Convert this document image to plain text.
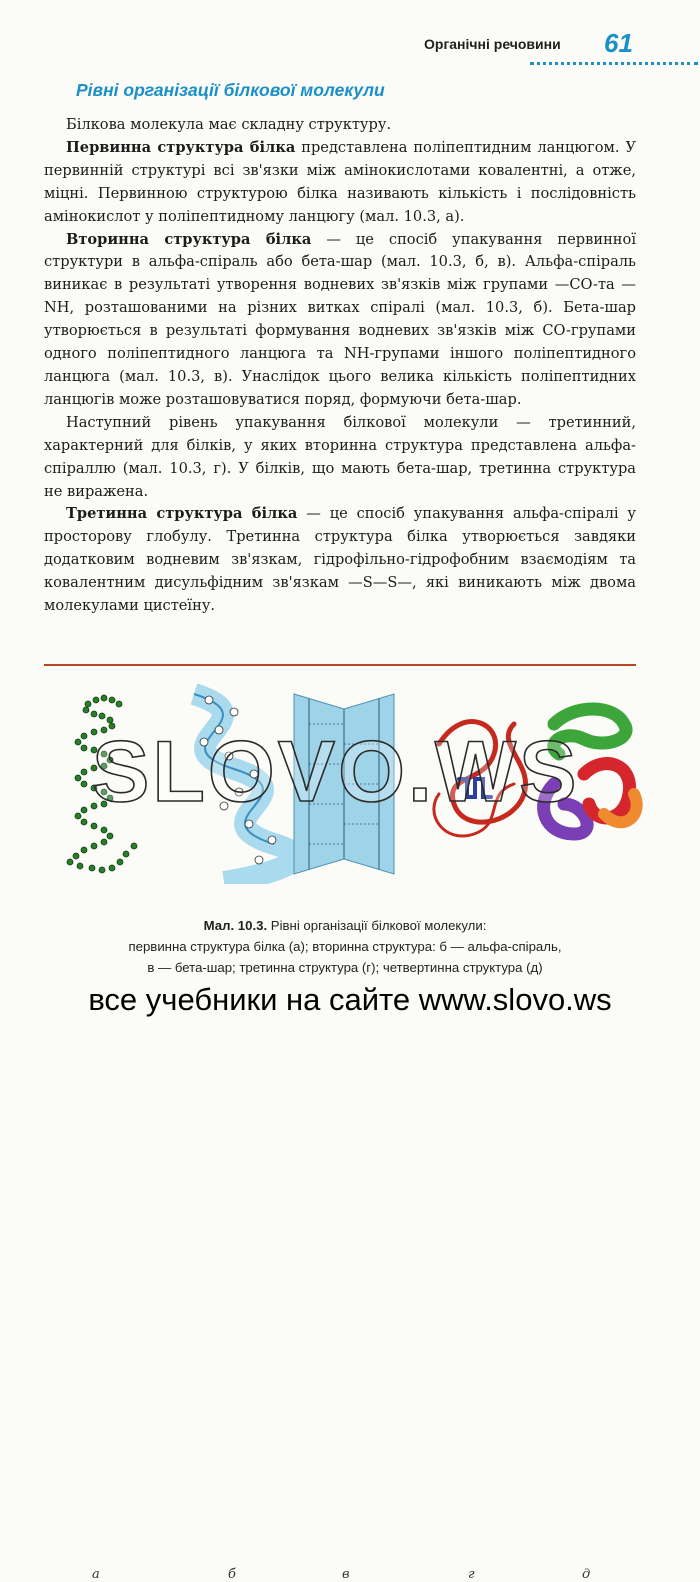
Органічні речовини 61
Рівні організації білкової молекули

Білкова молекула має складну структуру.

Первинна структура білка представлена поліпептидним ланцюгом. У первинній структурі всі зв'язки між амінокислотами ковалентні, а отже, міцні. Первинною структурою білка називають кількість і послідовність амінокислот у поліпептидному ланцюгу (мал. 10.3, а).

Вторинна структура білка — це спосіб упакування первинної структури в альфа-спіраль або бета-шар (мал. 10.3, б, в). Альфа-спіраль виникає в результаті утворення водневих зв'язків між групами —CO-та —NH, розташованими на різних витках спіралі (мал. 10.3, б). Бета-шар утворюється в результаті формування водневих зв'язків між CO-групами одного поліпептидного ланцюга та NH-групами іншого поліпептидного ланцюга (мал. 10.3, в). Унаслідок цього велика кількість поліпептидних ланцюгів може розташовуватися поряд, формуючи бета-шар.

Наступний рівень упакування білкової молекули — третинний, характерний для білків, у яких вторинна структура представлена альфа-спіраллю (мал. 10.3, г). У білків, що мають бета-шар, третинна структура не виражена.

Третинна структура білка — це спосіб упакування альфа-спіралі у просторову глобулу. Третинна структура білка утворюється завдяки додатковим водневим зв'язкам, гідрофільно-гідрофобним взаємодіям та ковалентним дисульфідним зв'язкам —S—S—, які виникають між двома молекулами цистеїну.

а	б	в	г	д
SLOVO.WS
Мал. 10.3. Рівні організації білкової молекули:
первинна структура білка (а); вторинна структура: б — альфа-спіраль,
в — бета-шар; третинна структура (г); четвертинна структура (д)
все учебники на сайте www.slovo.ws
